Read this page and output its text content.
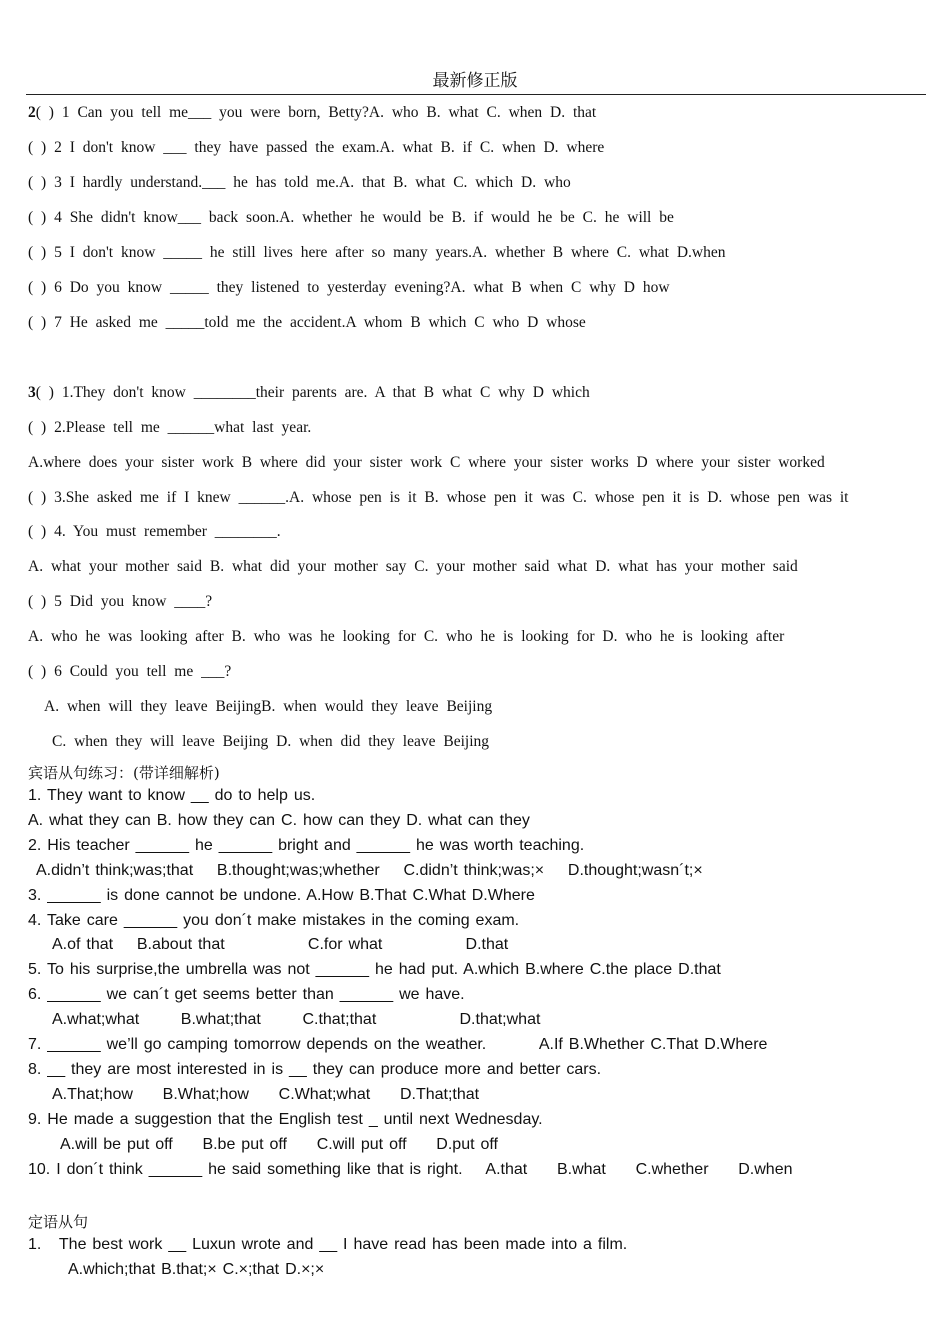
最新修正版
2( ) 1 Can you tell me___ you were born, Betty?A. who B. what C. when D. that
( ) 2 I don't know ___ they have passed the exam.A. what B. if C. when D. where
( ) 3 I hardly understand.___ he has told me.A. that B. what C. which D. who
( ) 4 She didn't know___ back soon.A. whether he would be B. if would he be C. he will be
( ) 5 I don't know _____ he still lives here after so many years.A. whether B where C. what D.when
( ) 6 Do you know _____ they listened to yesterday evening?A. what B when C why D how
( ) 7 He asked me _____told me the accident.A whom B which C who D whose
3( ) 1.They don't know ________their parents are. A that B what C why D which
( ) 2.Please tell me ______what last year.
A.where does your sister work B where did your sister work C where your sister works D where your sister worked
( ) 3.She asked me if I knew ______.A. whose pen is it B. whose pen it was C. whose pen it is D. whose pen was it
( ) 4. You must remember ________.
A. what your mother said B. what did your mother say C. your mother said what D. what has your mother said
( ) 5 Did you know ____?
A. who he was looking after B. who was he looking for C. who he is looking for D. who he is looking after
( ) 6 Could you tell me ___?
A. when will they leave BeijingB. when would they leave Beijing
C. when they will leave Beijing D. when did they leave Beijing
宾语从句练习：(带详细解析)
定语从句
1. They want to know __ do to help us.
A. what they can B. how they can C. how can they D. what can they
2. His teacher ______ he ______ bright and ______ he was worth teaching.
A.didn’t think;was;that    B.thought;was;whether    C.didn’t think;was;×    D.thought;wasn´t;×
3. ______ is done cannot be undone. A.How B.That C.What D.Where
4. Take care ______ you don´t make mistakes in the coming exam.
A.of that    B.about that              C.for what              D.that
5. To his surprise,the umbrella was not ______ he had put. A.which B.where C.the place D.that
6. ______ we can´t get seems better than ______ we have.
A.what;what       B.what;that       C.that;that              D.that;what
7. ______ we’ll go camping tomorrow depends on the weather.         A.If B.Whether C.That D.Where
8. __ they are most interested in is __ they can produce more and better cars.
A.That;how     B.What;how     C.What;what     D.That;that
9. He made a suggestion that the English test _ until next Wednesday.
A.will be put off     B.be put off     C.will put off     D.put off
10. I don´t think ______ he said something like that is right.    A.that     B.what     C.whether     D.when
1.   The best work __ Luxun wrote and __ I have read has been made into a film.
A.which;that B.that;× C.×;that D.×;×
